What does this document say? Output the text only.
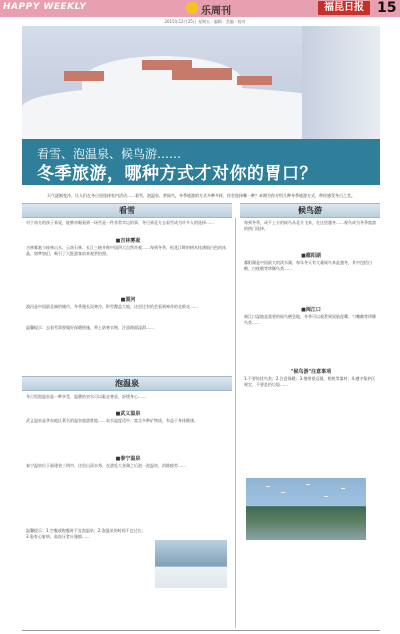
HAPPY WEEKLY	乐周刊	福昆日报 15
2015年12月25日 星期五 · 编辑 · 美编 · 校对
看雪、泡温泉、候鸟游……
冬季旅游，哪种方式才对你的胃口？
天气逐渐变冷，让人们在冬日里选择室内活动……看雪、泡温泉、赏候鸟，冬季旅游的方式多种多样，你会选择哪一种？本期为你介绍几种冬季旅游方式，带你感受冬日之美。
看雪
对于南方的孩子来说，能够亲眼看到一场雪是一件非常幸运的事，冬日到北方去看雪成为许多人的选择……
■吉林雾凇
吉林雾凇与桂林山水、云南石林、长江三峡并称中国四大自然奇观……每到冬季，松花江畔的树木挂满银白色的冰晶，如梦如幻，吸引了大批游客前来观赏拍照。
■漠河
漠河是中国最北端的城市，冬季漫长而寒冷，积雪覆盖大地，这里还有机会看到神奇的北极光……
温馨提示：去看雪需要做好保暖措施，带上防寒衣物，注意路面湿滑……
泡温泉
冬日里泡温泉是一种享受，温暖的泉水可以驱走寒意，舒缓身心……
■武义温泉
武义温泉是华东地区著名的温泉旅游胜地……泉水温度适中，富含多种矿物质，有益于身体健康。
■泰宁温泉
泰宁温泉位于福建省三明市，这里山清水秀，在游览大金湖之后泡一泡温泉，消除疲劳……
温馨提示：1.空腹或饱腹时不宜泡温泉；2.泡温泉的时间不宜过长；3.患有心脏病、高血压者应谨慎……
候鸟游
每到冬季，成千上万的候鸟从北方飞来，在这里越冬……观鸟成为冬季旅游的热门选择。
■鄱阳湖
鄱阳湖是中国最大的淡水湖，每年冬天有大量候鸟来此越冬，其中包括白鹤、白枕鹤等珍稀鸟类……
■闽江口
闽江口湿地是重要的候鸟栖息地，冬季可以观赏到黑脸琵鹭、勺嘴鹬等珍稀鸟类……
"候鸟游"注意事项
1.不要惊扰鸟类；2.注意保暖；3.携带望远镜、相机等器材；4.遵守保护区规定，不要乱扔垃圾……
